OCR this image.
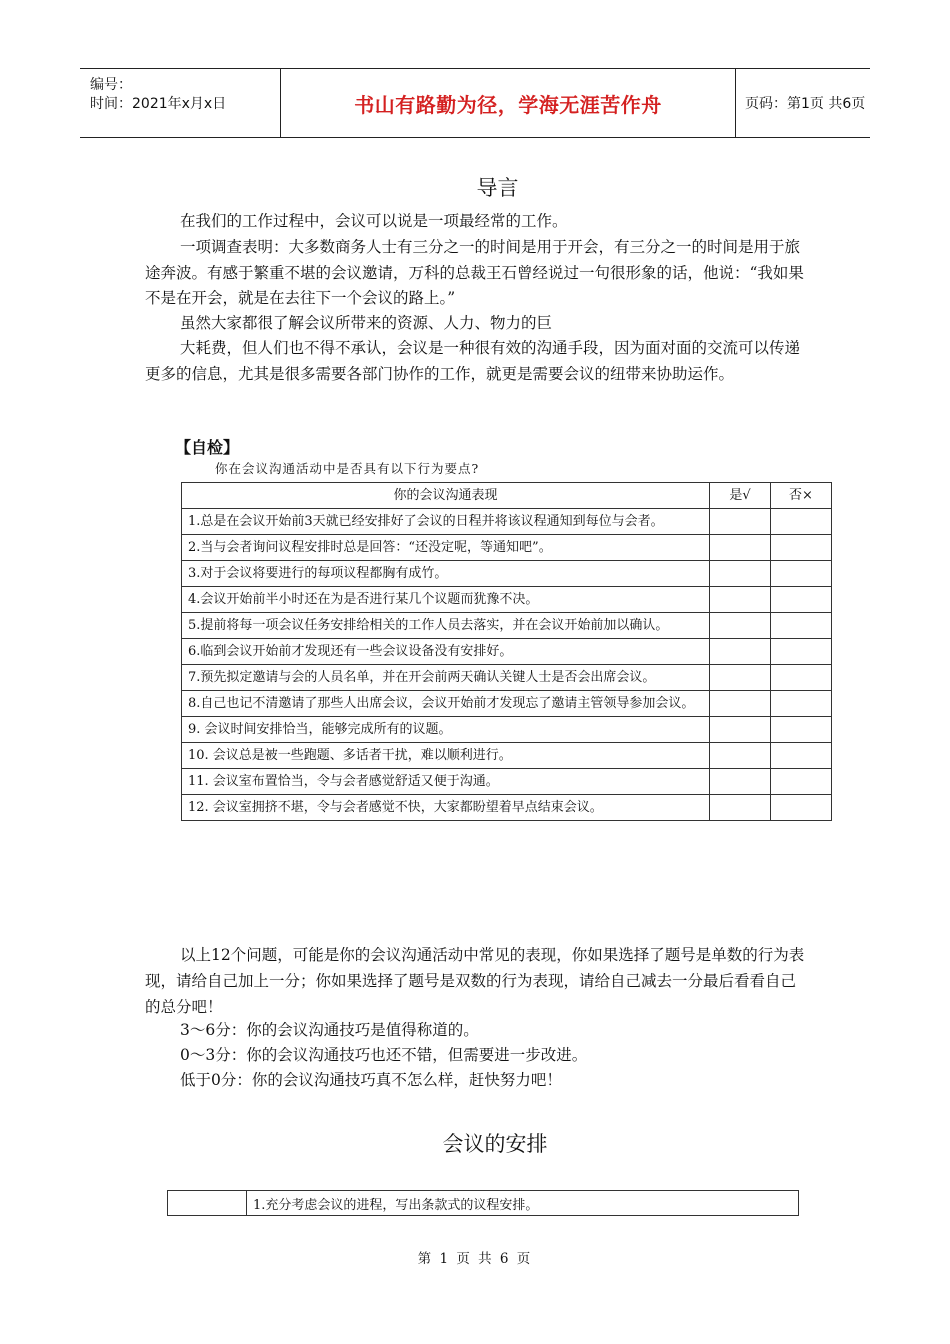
编号：
时间：2021年x月x日	书山有路勤为径，学海无涯苦作舟	页码：第1页 共6页
导言

在我们的工作过程中，会议可以说是一项最经常的工作。

一项调查表明：大多数商务人士有三分之一的时间是用于开会，有三分之一的时间是用于旅途奔波。有感于繁重不堪的会议邀请，万科的总裁王石曾经说过一句很形象的话，他说：“我如果不是在开会，就是在去往下一个会议的路上。”

虽然大家都很了解会议所带来的资源、人力、物力的巨

大耗费，但人们也不得不承认，会议是一种很有效的沟通手段，因为面对面的交流可以传递更多的信息，尤其是很多需要各部门协作的工作，就更是需要会议的纽带来协助运作。

【自检】
你在会议沟通活动中是否具有以下行为要点?
你的会议沟通表现	是√	否×
1.总是在会议开始前3天就已经安排好了会议的日程并将该议程通知到每位与会者。		
2.当与会者询问议程安排时总是回答：“还没定呢，等通知吧”。		
3.对于会议将要进行的每项议程都胸有成竹。		
4.会议开始前半小时还在为是否进行某几个议题而犹豫不决。		
5.提前将每一项会议任务安排给相关的工作人员去落实，并在会议开始前加以确认。		
6.临到会议开始前才发现还有一些会议设备没有安排好。		
7.预先拟定邀请与会的人员名单，并在开会前两天确认关键人士是否会出席会议。		
8.自己也记不清邀请了那些人出席会议，会议开始前才发现忘了邀请主管领导参加会议。		
9. 会议时间安排恰当，能够完成所有的议题。		
10. 会议总是被一些跑题、多话者干扰，难以顺利进行。		
11. 会议室布置恰当，令与会者感觉舒适又便于沟通。		
12. 会议室拥挤不堪，令与会者感觉不快，大家都盼望着早点结束会议。		

以上12个问题，可能是你的会议沟通活动中常见的表现，你如果选择了题号是单数的行为表现，请给自己加上一分；你如果选择了题号是双数的行为表现，请给自己减去一分最后看看自己的总分吧！

3～6分：你的会议沟通技巧是值得称道的。

0～3分：你的会议沟通技巧也还不错，但需要进一步改进。

低于0分：你的会议沟通技巧真不怎么样，赶快努力吧！

会议的安排
	1.充分考虑会议的进程，写出条款式的议程安排。
第 1 页 共 6 页
